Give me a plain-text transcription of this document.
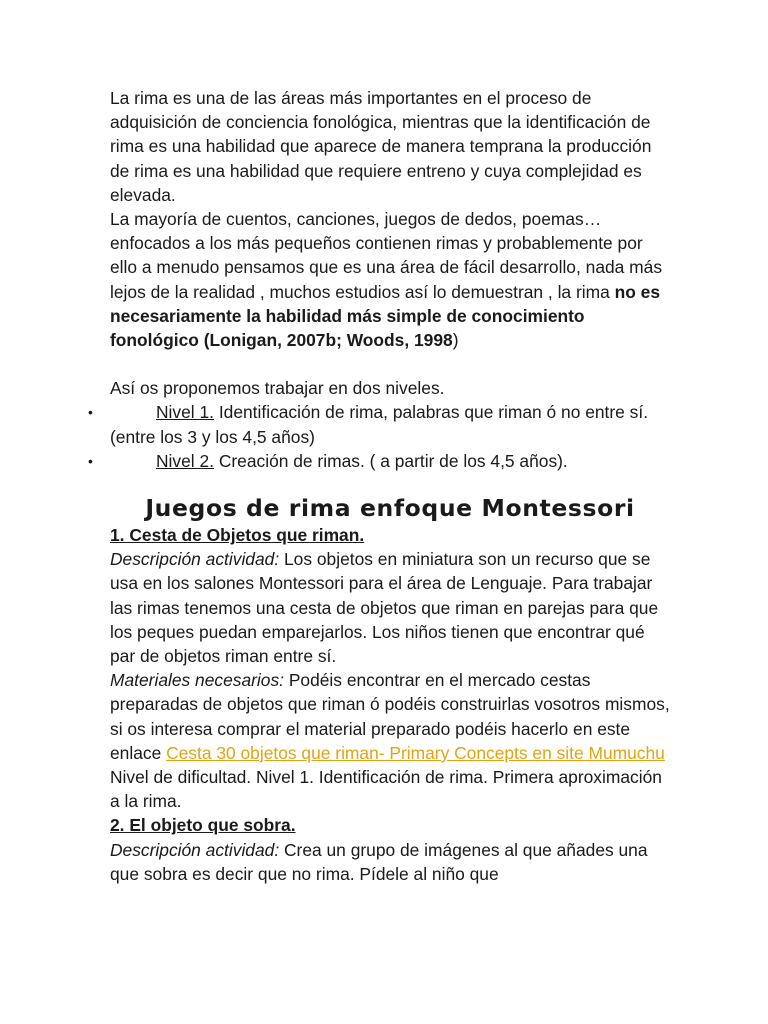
La rima es una de las áreas más importantes en el proceso de adquisición de conciencia fonológica, mientras que la identificación de rima es una habilidad que aparece de manera temprana la producción de rima es una habilidad que requiere entreno y cuya complejidad es elevada.

La mayoría de cuentos, canciones, juegos de dedos, poemas… enfocados a los más pequeños contienen rimas y probablemente por ello a menudo pensamos que es una área de fácil desarrollo, nada más lejos de la realidad , muchos estudios así lo demuestran , la rima no es necesariamente la habilidad más simple de conocimiento fonológico (Lonigan, 2007b; Woods, 1998)

Así os proponemos trabajar en dos niveles.

•	Nivel 1. Identificación de rima, palabras que riman ó no entre sí. (entre los 3 y los 4,5 años)

•	Nivel 2. Creación de rimas. ( a partir de los 4,5 años).

Juegos de rima enfoque Montessori

1. Cesta de Objetos que riman.

Descripción actividad: Los objetos en miniatura son un recurso que se usa en los salones Montessori para el área de Lenguaje. Para trabajar las rimas tenemos una cesta de objetos que riman en parejas para que los peques puedan emparejarlos. Los niños tienen que encontrar qué par de objetos riman entre sí.

Materiales necesarios: Podéis encontrar en el mercado cestas preparadas de objetos que riman ó podéis construirlas vosotros mismos, si os interesa comprar el material preparado podéis hacerlo en este enlace Cesta 30 objetos que riman- Primary Concepts en site Mumuchu

Nivel de dificultad. Nivel 1. Identificación de rima. Primera aproximación a la rima.

2. El objeto que sobra.

Descripción actividad: Crea un grupo de imágenes al que añades una que sobra es decir que no rima. Pídele al niño que
